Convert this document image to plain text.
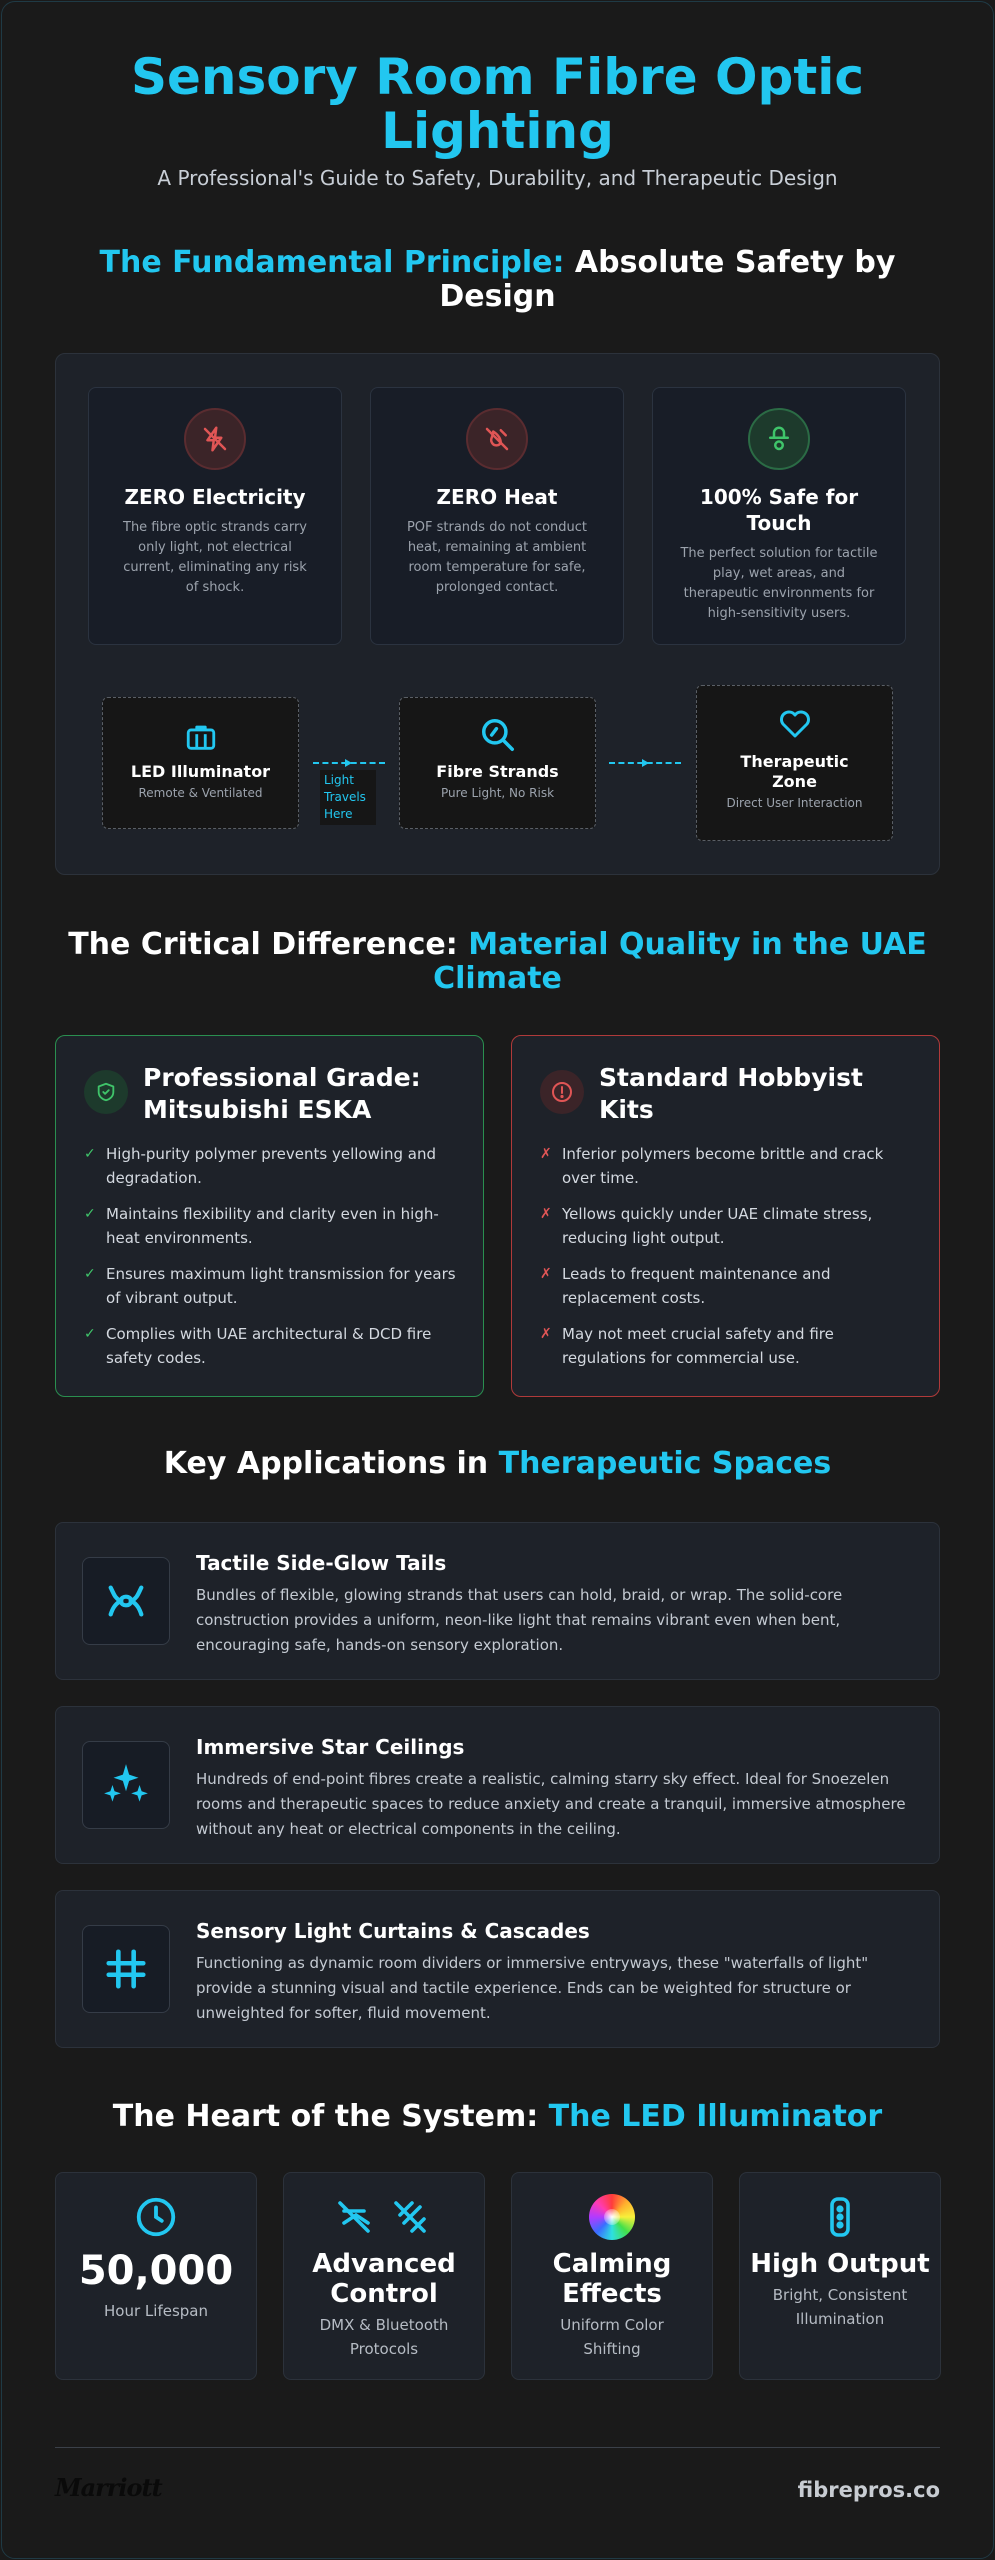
Sensory Room Fibre Optic Lighting

A Professional's Guide to Safety, Durability, and Therapeutic Design

The Fundamental Principle: Absolute Safety by Design
ZERO Electricity
The fibre optic strands carry only light, not electrical current, eliminating any risk of shock.
ZERO Heat
POF strands do not conduct heat, remaining at ambient room temperature for safe, prolonged contact.
100% Safe for Touch
The perfect solution for tactile play, wet areas, and therapeutic environments for high-sensitivity users.
LED Illuminator
Remote & Ventilated
Light Travels Here
Fibre Strands
Pure Light, No Risk
Therapeutic Zone
Direct User Interaction
The Critical Difference: Material Quality in the UAE Climate
Professional Grade: Mitsubishi ESKA
✓ High-purity polymer prevents yellowing and degradation.
✓ Maintains flexibility and clarity even in high-heat environments.
✓ Ensures maximum light transmission for years of vibrant output.
✓ Complies with UAE architectural & DCD fire safety codes.
Standard Hobbyist Kits
✗ Inferior polymers become brittle and crack over time.
✗ Yellows quickly under UAE climate stress, reducing light output.
✗ Leads to frequent maintenance and replacement costs.
✗ May not meet crucial safety and fire regulations for commercial use.
Key Applications in Therapeutic Spaces
Tactile Side-Glow Tails
Bundles of flexible, glowing strands that users can hold, braid, or wrap. The solid-core construction provides a uniform, neon-like light that remains vibrant even when bent, encouraging safe, hands-on sensory exploration.
Immersive Star Ceilings
Hundreds of end-point fibres create a realistic, calming starry sky effect. Ideal for Snoezelen rooms and therapeutic spaces to reduce anxiety and create a tranquil, immersive atmosphere without any heat or electrical components in the ceiling.
Sensory Light Curtains & Cascades
Functioning as dynamic room dividers or immersive entryways, these "waterfalls of light" provide a stunning visual and tactile experience. Ends can be weighted for structure or unweighted for softer, fluid movement.
The Heart of the System: The LED Illuminator
50,000
Hour Lifespan
Advanced Control
DMX & Bluetooth Protocols
Calming Effects
Uniform Color Shifting
High Output
Bright, Consistent Illumination
Marriott	fibrepros.co
